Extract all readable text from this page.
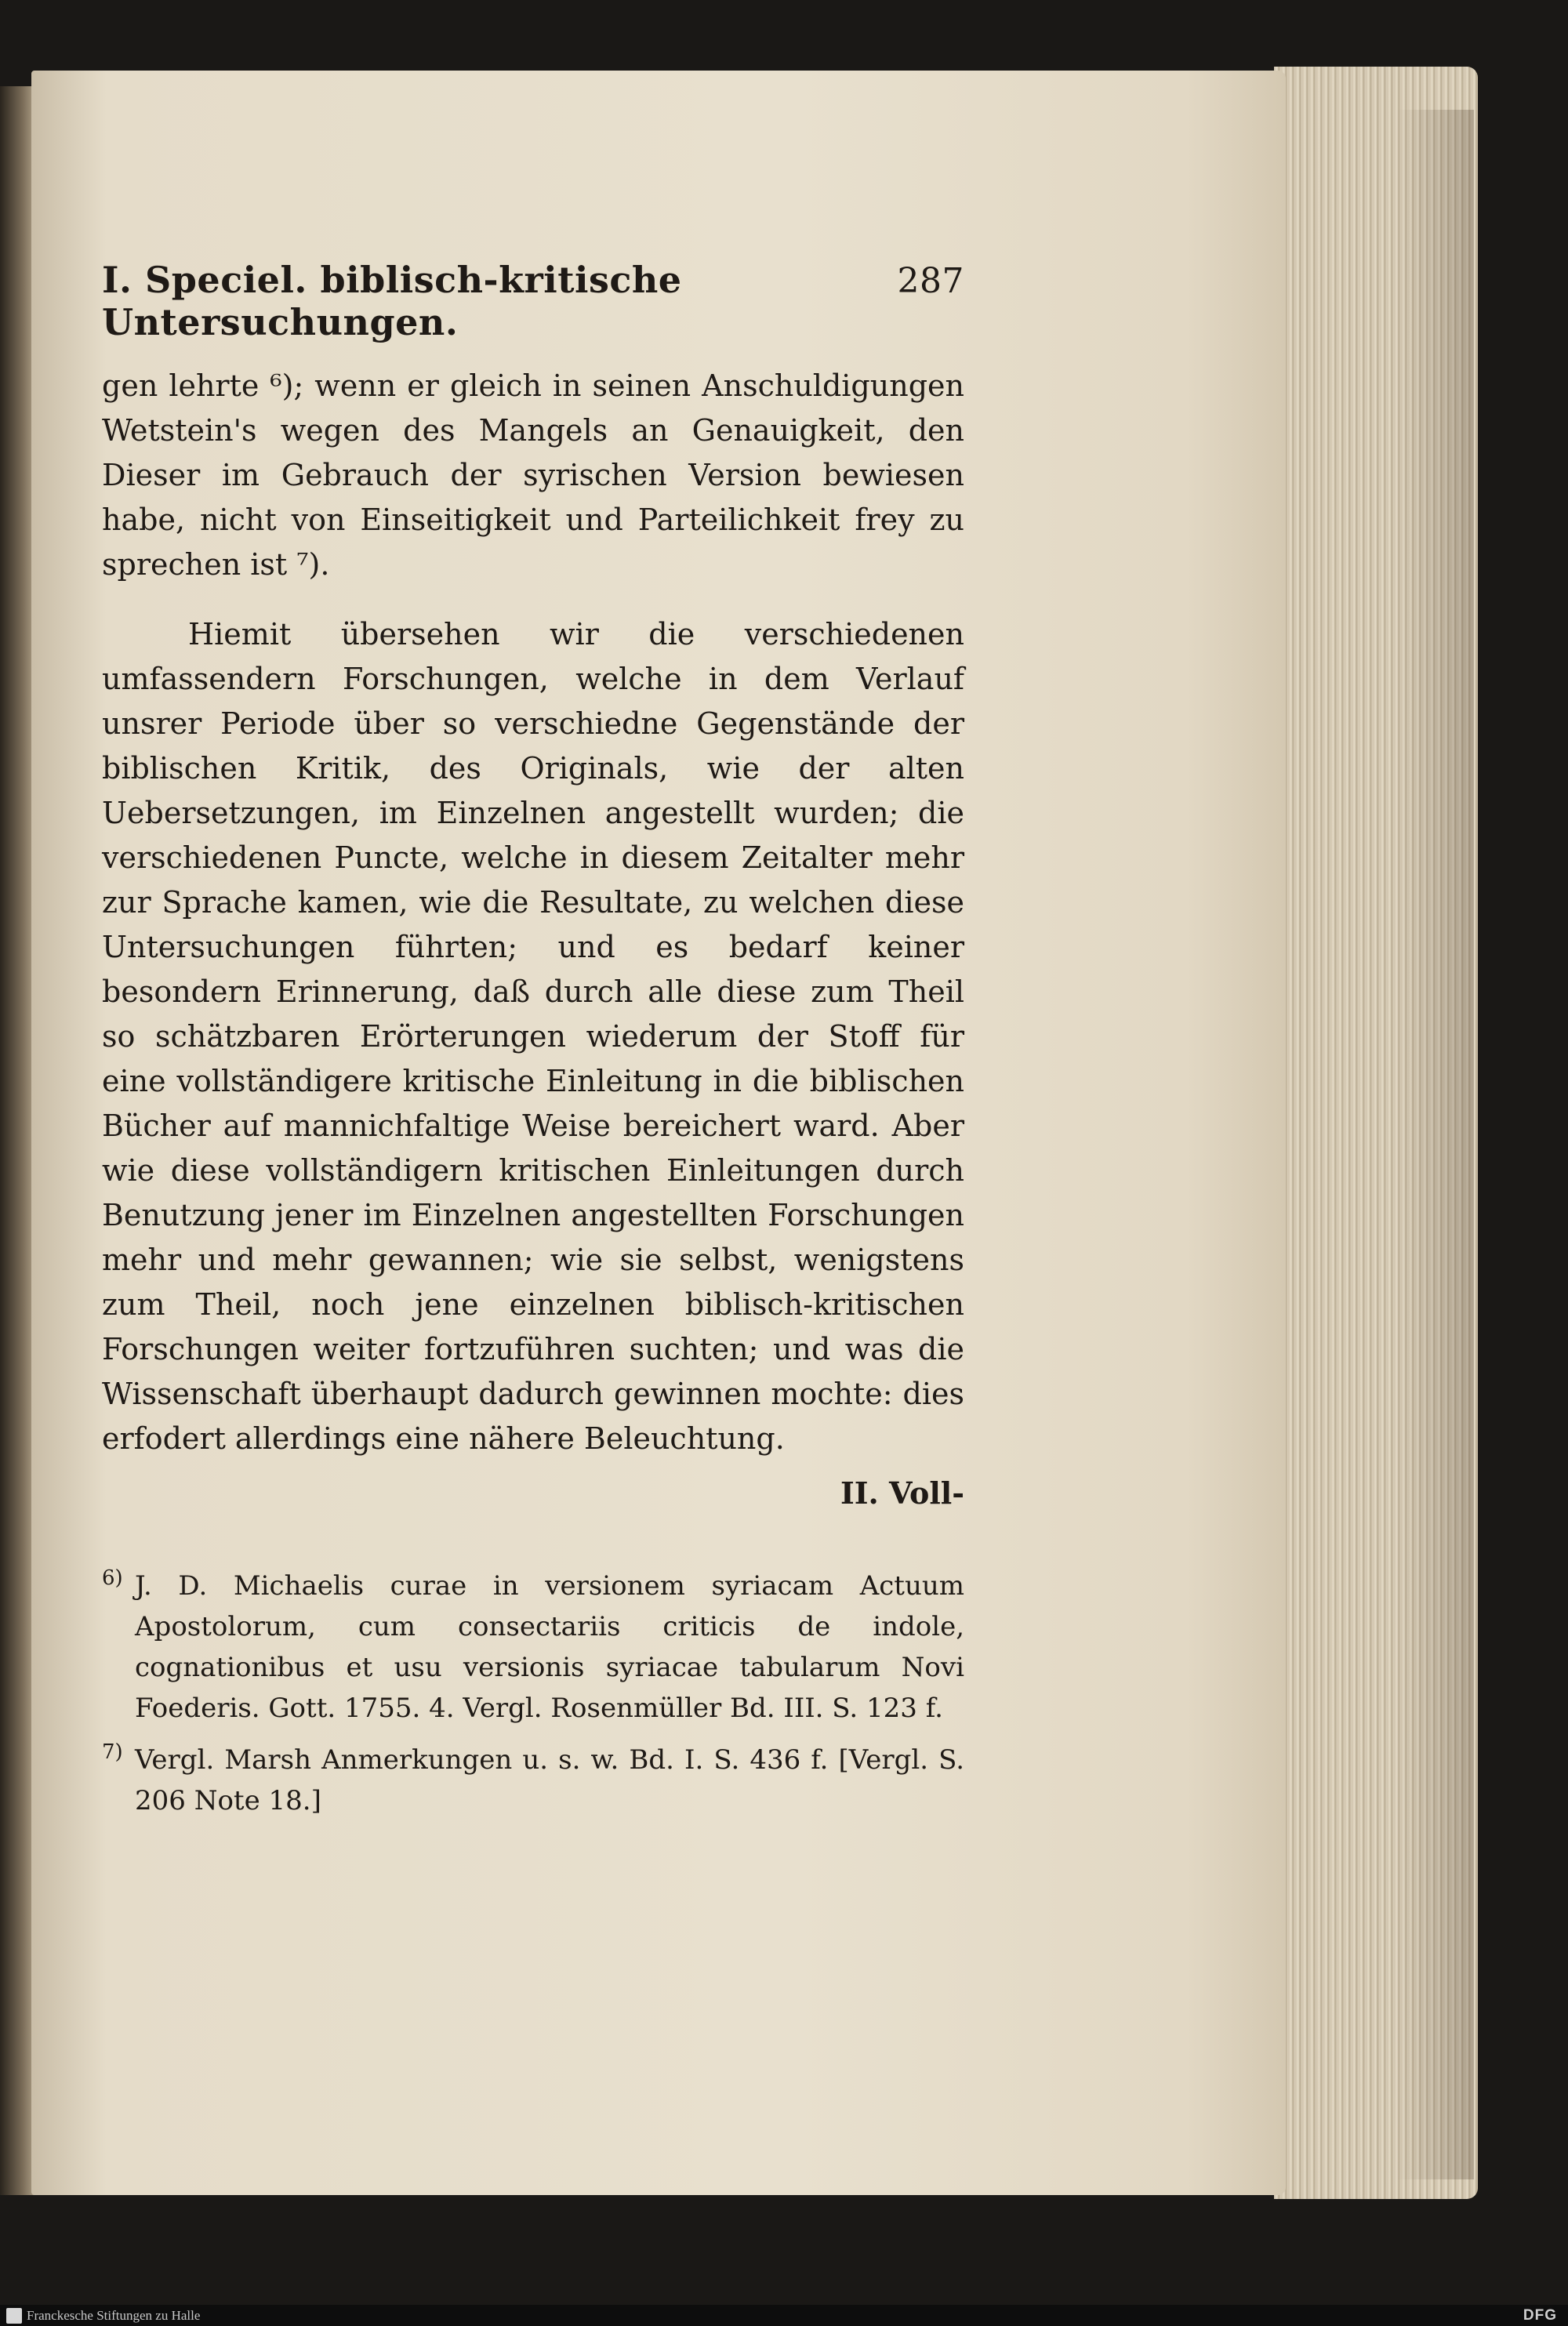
I. Speciel. biblisch-kritische Untersuchungen.
287

gen lehrte ⁶); wenn er gleich in seinen Anschuldigungen Wetstein's wegen des Mangels an Genauigkeit, den Dieser im Gebrauch der syrischen Version bewiesen habe, nicht von Einseitigkeit und Parteilichkeit frey zu sprechen ist ⁷).

Hiemit übersehen wir die verschiedenen umfassendern Forschungen, welche in dem Verlauf unsrer Periode über so verschiedne Gegenstände der biblischen Kritik, des Originals, wie der alten Uebersetzungen, im Einzelnen angestellt wurden; die verschiedenen Puncte, welche in diesem Zeitalter mehr zur Sprache kamen, wie die Resultate, zu welchen diese Untersuchungen führten; und es bedarf keiner besondern Erinnerung, daß durch alle diese zum Theil so schätzbaren Erörterungen wiederum der Stoff für eine vollständigere kritische Einleitung in die biblischen Bücher auf mannichfaltige Weise bereichert ward. Aber wie diese vollständigern kritischen Einleitungen durch Benutzung jener im Einzelnen angestellten Forschungen mehr und mehr gewannen; wie sie selbst, wenigstens zum Theil, noch jene einzelnen biblisch-kritischen Forschungen weiter fortzuführen suchten; und was die Wissenschaft überhaupt dadurch gewinnen mochte: dies erfodert allerdings eine nähere Beleuchtung.

II. Voll-
6) J. D. Michaelis curae in versionem syriacam Actuum Apostolorum, cum consectariis criticis de indole, cognationibus et usu versionis syriacae tabularum Novi Foederis. Gott. 1755. 4. Vergl. Rosenmüller Bd. III. S. 123 f.
7) Vergl. Marsh Anmerkungen u. s. w. Bd. I. S. 436 f. [Vergl. S. 206 Note 18.]
Franckesche Stiftungen zu Halle	DFG
